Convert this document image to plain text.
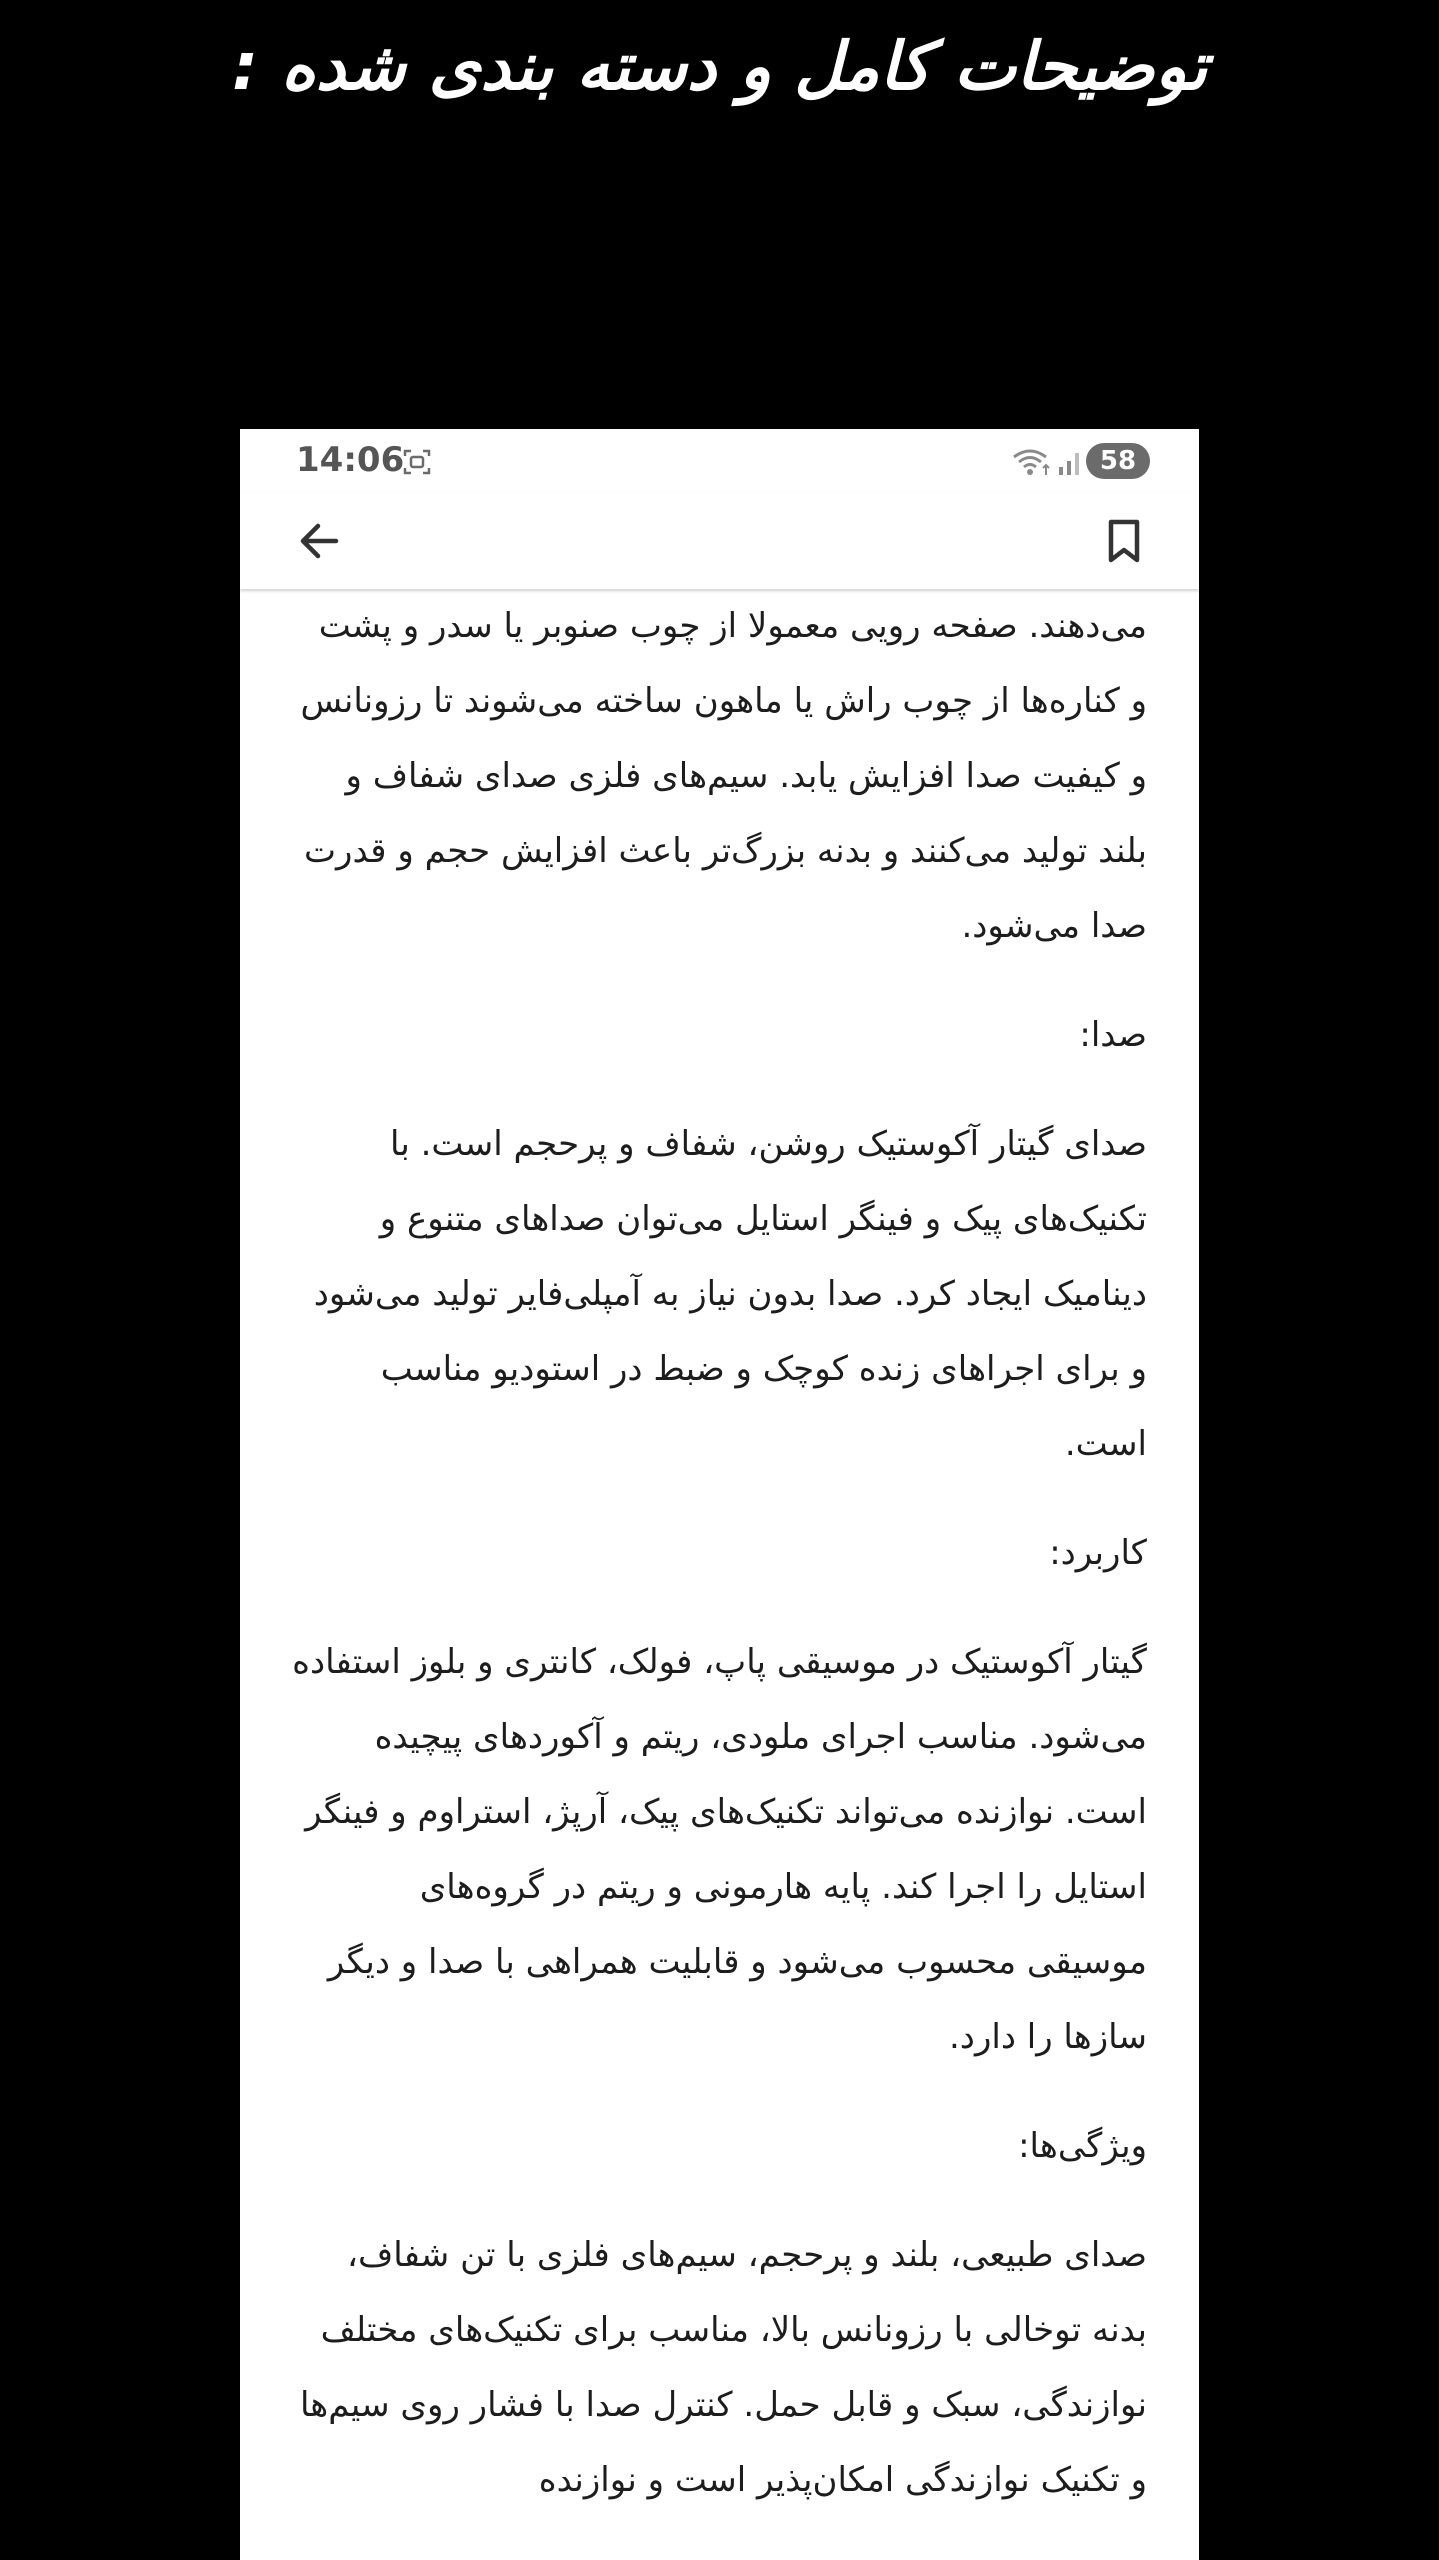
توضیحات کامل و دسته بندی شده :

می‌دهند. صفحه رویی معمولا از چوب صنوبر یا سدر و پشت و کناره‌ها از چوب راش یا ماهون ساخته می‌شوند تا رزونانس و کیفیت صدا افزایش یابد. سیم‌های فلزی صدای شفاف و بلند تولید می‌کنند و بدنه بزرگ‌تر باعث افزایش حجم و قدرت صدا می‌شود.

صدا:

صدای گیتار آکوستیک روشن، شفاف و پرحجم است. با تکنیک‌های پیک و فینگر استایل می‌توان صداهای متنوع و دینامیک ایجاد کرد. صدا بدون نیاز به آمپلی‌فایر تولید می‌شود و برای اجراهای زنده کوچک و ضبط در استودیو مناسب است.

کاربرد:

گیتار آکوستیک در موسیقی پاپ، فولک، کانتری و بلوز استفاده می‌شود. مناسب اجرای ملودی، ریتم و آکوردهای پیچیده است. نوازنده می‌تواند تکنیک‌های پیک، آرپژ، استراوم و فینگر استایل را اجرا کند. پایه هارمونی و ریتم در گروه‌های موسیقی محسوب می‌شود و قابلیت همراهی با صدا و دیگر سازها را دارد.

ویژگی‌ها:

صدای طبیعی، بلند و پرحجم، سیم‌های فلزی با تن شفاف، بدنه توخالی با رزونانس بالا، مناسب برای تکنیک‌های مختلف نوازندگی، سبک و قابل حمل. کنترل صدا با فشار روی سیم‌ها و تکنیک نوازندگی امکان‌پذیر است و نوازنده

14:06	58
